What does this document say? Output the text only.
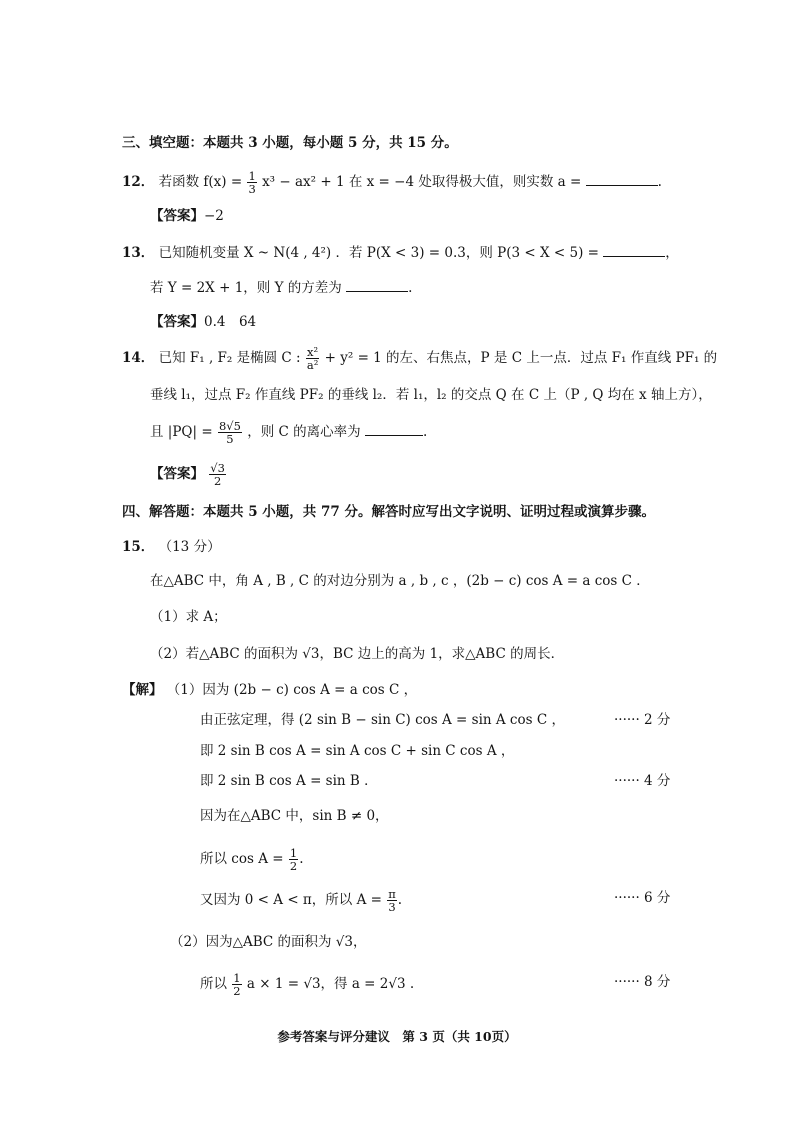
三、填空题：本题共 3 小题，每小题 5 分，共 15 分。
12． 若函数 $f(x) = \frac{1}{3} x^3 - ax^2 + 1$ 在 x = −4 处取得极大值，则实数 a =	.
【答案】−2
13． 已知随机变量 X ~ N(4 , 4²) ．若 P(X < 3) = 0.3，则 P(3 < X < 5) =	，
若 Y = 2X + 1，则 Y 的方差为	.
【答案】0.4　64
14． 已知 F₁ , F₂ 是椭圆 C : $\frac{\text{x²}}{\text{a²}} + y^2 = 1$ 的左、右焦点，P 是 C 上一点．过点 F₁ 作直线 PF₁ 的
垂线 l₁，过点 F₂ 作直线 PF₂ 的垂线 l₂．若 l₁，l₂ 的交点 Q 在 C 上（P , Q 均在 x 轴上方），
且 $|PQ| = \frac{8√5}{5}$ ，则 C 的离心率为	.
【答案】 $\frac{√3}{2}$
四、解答题：本题共 5 小题，共 77 分。解答时应写出文字说明、证明过程或演算步骤。
15． （13 分）
在△ABC 中，角 A , B , C 的对边分别为 a , b , c ，(2b − c) cos A = a cos C ．
（1）求 A；
（2）若△ABC 的面积为 √3，BC 边上的高为 1，求△ABC 的周长．
【解】 （1）因为 (2b − c) cos A = a cos C ，
由正弦定理，得 (2 sin B − sin C) cos A = sin A cos C ，	······ 2 分
即 2 sin B cos A = sin A cos C + sin C cos A ，
即 2 sin B cos A = sin B ．	······ 4 分
因为在△ABC 中，sin B ≠ 0，
所以 $\cos A = \frac{1}{2}$ .
又因为 0 < A < π，所以 $A = \frac{\pi}{3}$ .	······ 6 分
（2）因为△ABC 的面积为 √3，
所以 $\frac{1}{2}$ a × 1 = √3，得 a = 2√3 .	······ 8 分
参考答案与评分建议　第 3 页（共 10页）
